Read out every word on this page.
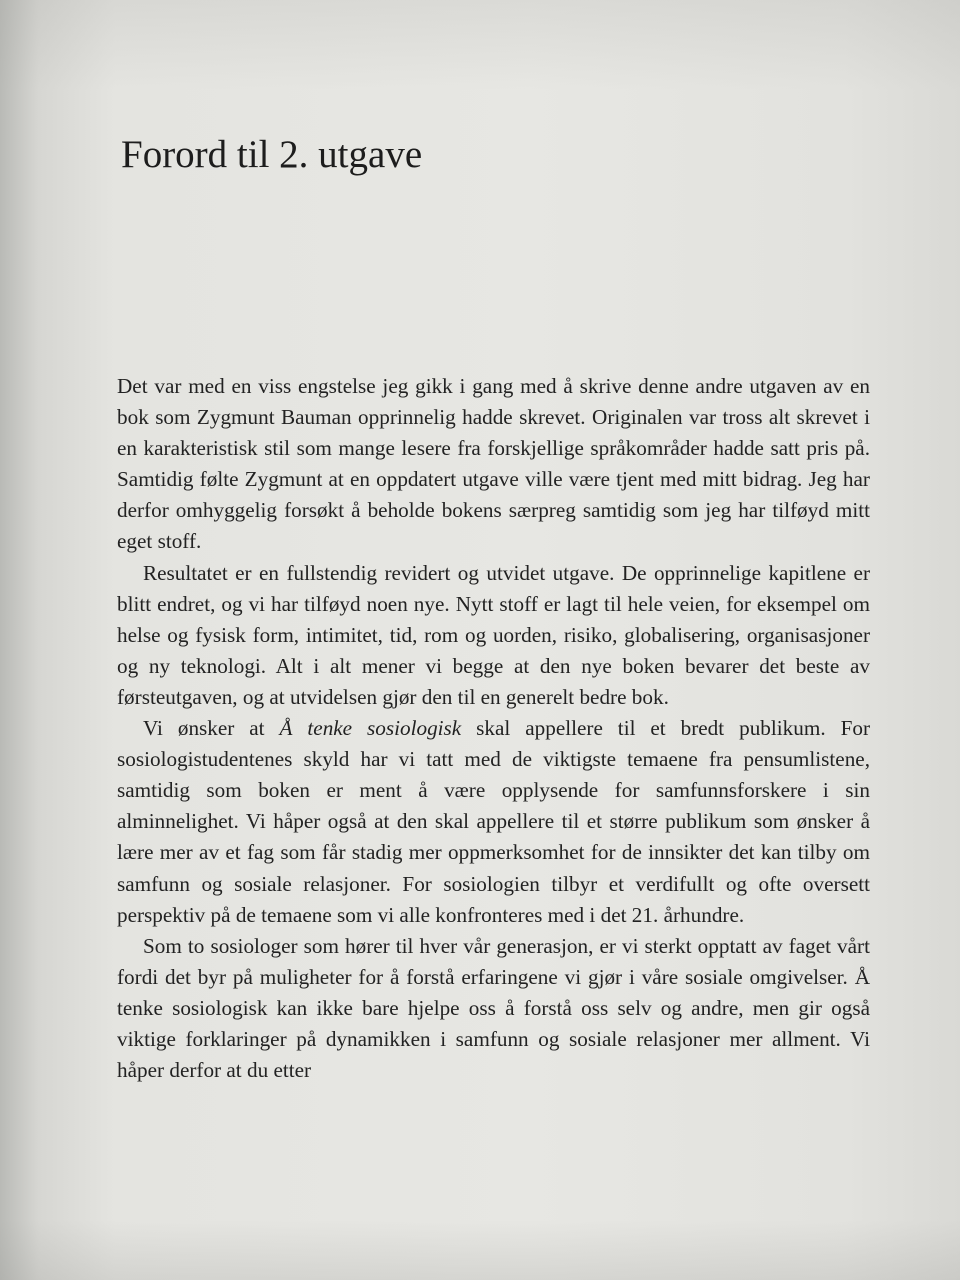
Forord til 2. utgave

Det var med en viss engstelse jeg gikk i gang med å skrive denne andre utgaven av en bok som Zygmunt Bauman opprinnelig hadde skrevet. Originalen var tross alt skrevet i en karakteristisk stil som mange lesere fra forskjellige språkområder hadde satt pris på. Samtidig følte Zygmunt at en oppdatert utgave ville være tjent med mitt bidrag. Jeg har derfor omhyggelig forsøkt å beholde bokens særpreg samtidig som jeg har tilføyd mitt eget stoff.

Resultatet er en fullstendig revidert og utvidet utgave. De opprinnelige kapitlene er blitt endret, og vi har tilføyd noen nye. Nytt stoff er lagt til hele veien, for eksempel om helse og fysisk form, intimitet, tid, rom og uorden, risiko, globalisering, organisasjoner og ny teknologi. Alt i alt mener vi begge at den nye boken bevarer det beste av førsteutgaven, og at utvidelsen gjør den til en generelt bedre bok.

Vi ønsker at Å tenke sosiologisk skal appellere til et bredt publikum. For sosiologistudentenes skyld har vi tatt med de viktigste temaene fra pensumlistene, samtidig som boken er ment å være opplysende for samfunnsforskere i sin alminnelighet. Vi håper også at den skal appellere til et større publikum som ønsker å lære mer av et fag som får stadig mer oppmerksomhet for de innsikter det kan tilby om samfunn og sosiale relasjoner. For sosiologien tilbyr et verdifullt og ofte oversett perspektiv på de temaene som vi alle konfronteres med i det 21. århundre.

Som to sosiologer som hører til hver vår generasjon, er vi sterkt opptatt av faget vårt fordi det byr på muligheter for å forstå erfaringene vi gjør i våre sosiale omgivelser. Å tenke sosiologisk kan ikke bare hjelpe oss å forstå oss selv og andre, men gir også viktige forklaringer på dynamikken i samfunn og sosiale relasjoner mer allment. Vi håper derfor at du etter
